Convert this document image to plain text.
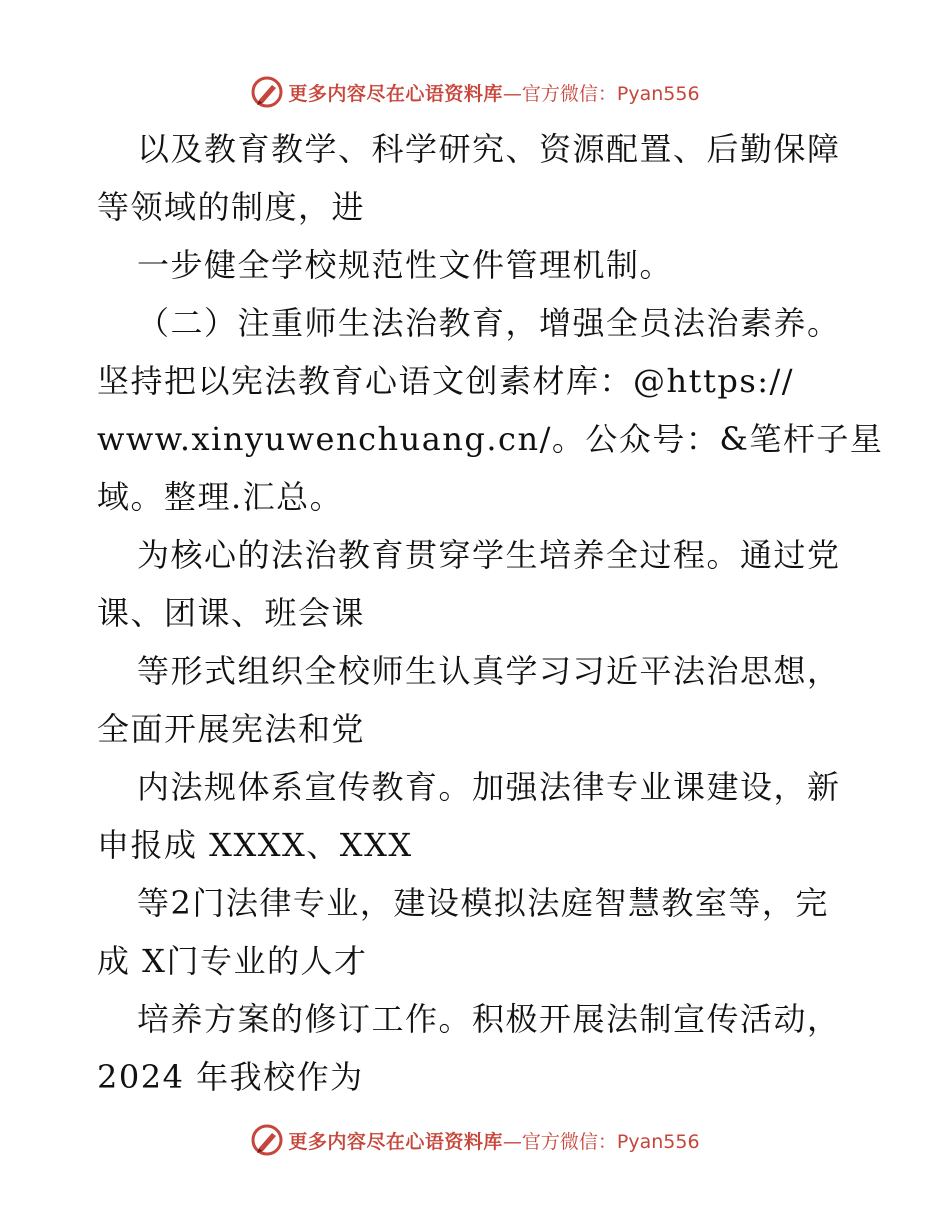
更多内容尽在心语资料库 —官方微信：Pyan556
以及教育教学、科学研究、资源配置、后勤保障
等领域的制度，进
一步健全学校规范性文件管理机制。
（二）注重师生法治教育，增强全员法治素养。
坚持把以宪法教育心语文创素材库：@https://
www.xinyuwenchuang.cn/。公众号：&笔杆子星
域。整理.汇总。
为核心的法治教育贯穿学生培养全过程。通过党
课、团课、班会课
等形式组织全校师生认真学习习近平法治思想，
全面开展宪法和党
内法规体系宣传教育。加强法律专业课建设，新
申报成 XXXX、XXX
等2门法律专业，建设模拟法庭智慧教室等，完
成 X门专业的人才
培养方案的修订工作。积极开展法制宣传活动，
2024 年我校作为
更多内容尽在心语资料库 —官方微信：Pyan556
